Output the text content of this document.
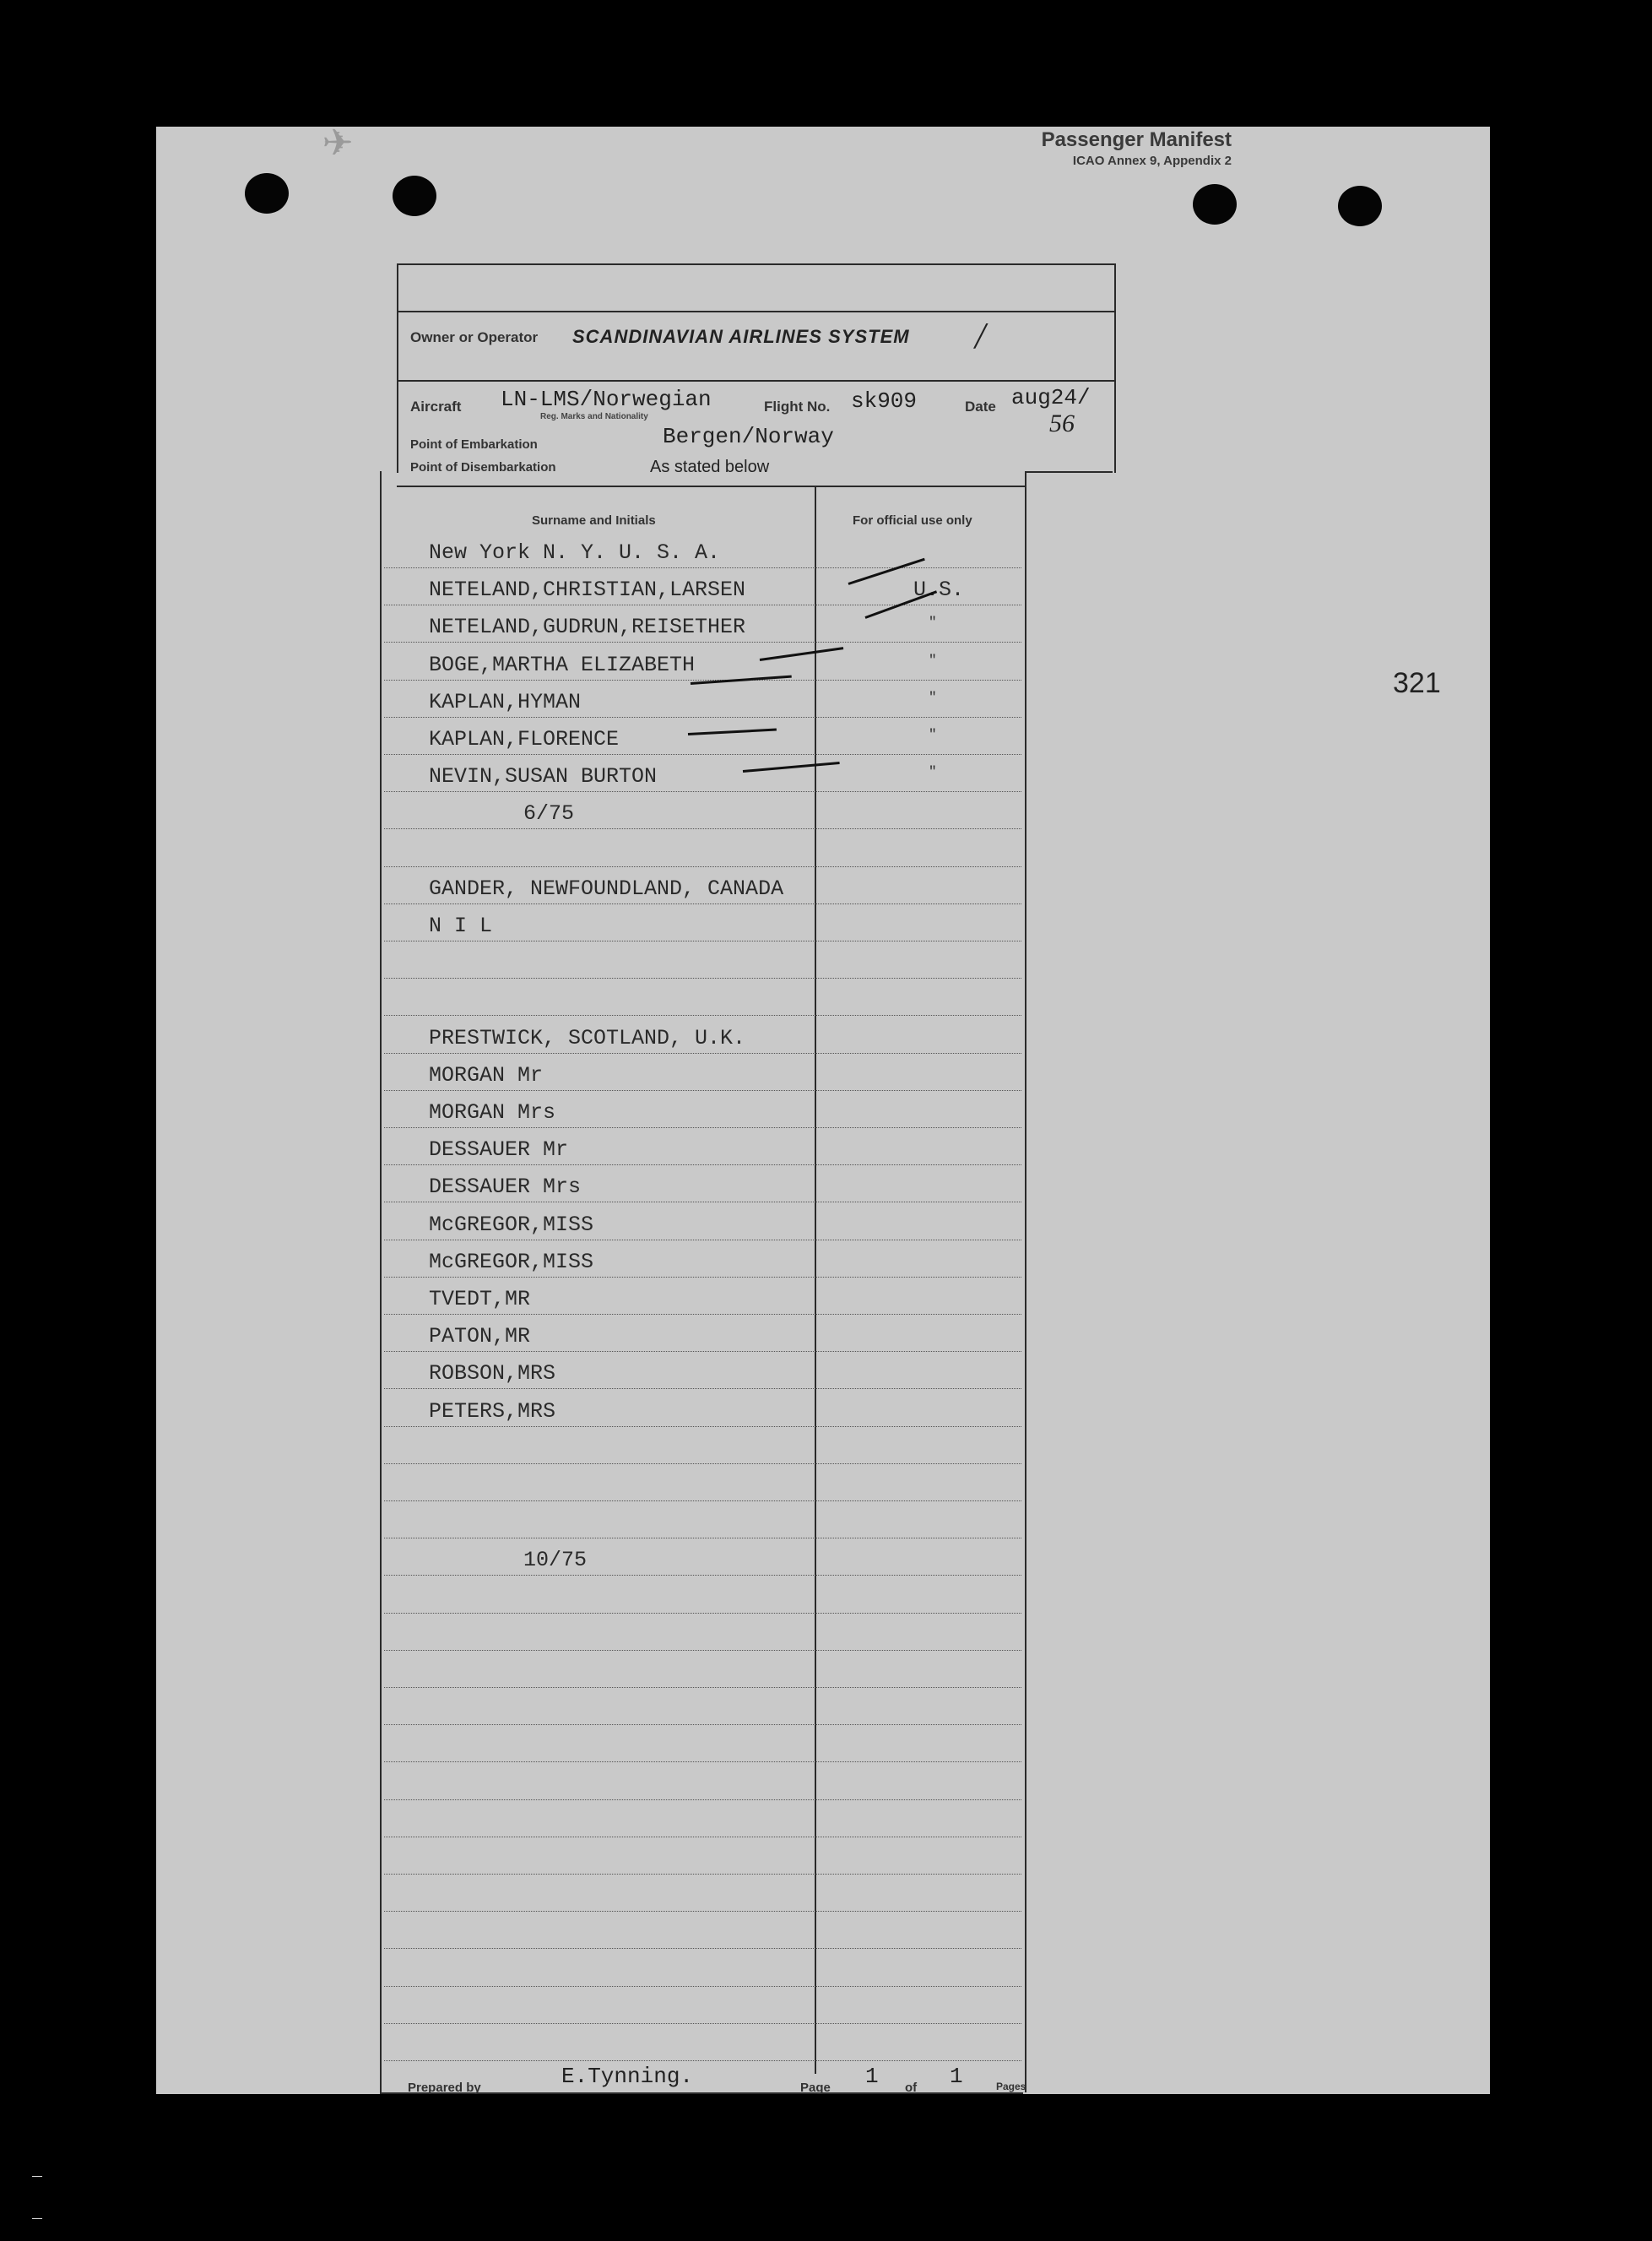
✈︎	Passenger Manifest
ICAO Annex 9, Appendix 2
Owner or Operator SCANDINAVIAN AIRLINES SYSTEM /
Aircraft LN-LMS/Norwegian
Reg. Marks and Nationality
Flight No. sk909	Date aug24/
56
Point of Embarkation	Bergen/Norway
Point of Disembarkation	As stated below
Surname and Initials	For official use only
New York N. Y. U. S. A.
NETELAND,CHRISTIAN,LARSEN	U.S.
NETELAND,GUDRUN,REISETHER	"
BOGE,MARTHA ELIZABETH	"
KAPLAN,HYMAN	"
KAPLAN,FLORENCE	"
NEVIN,SUSAN BURTON	"
6/75
GANDER, NEWFOUNDLAND, CANADA
N I L
PRESTWICK, SCOTLAND, U.K.
MORGAN Mr
MORGAN Mrs
DESSAUER Mr
DESSAUER Mrs
McGREGOR,MISS
McGREGOR,MISS
TVEDT,MR
PATON,MR
ROBSON,MRS
PETERS,MRS
10/75
Prepared by	E.Tynning.	Page 1 of 1	Pages
321
_
_
